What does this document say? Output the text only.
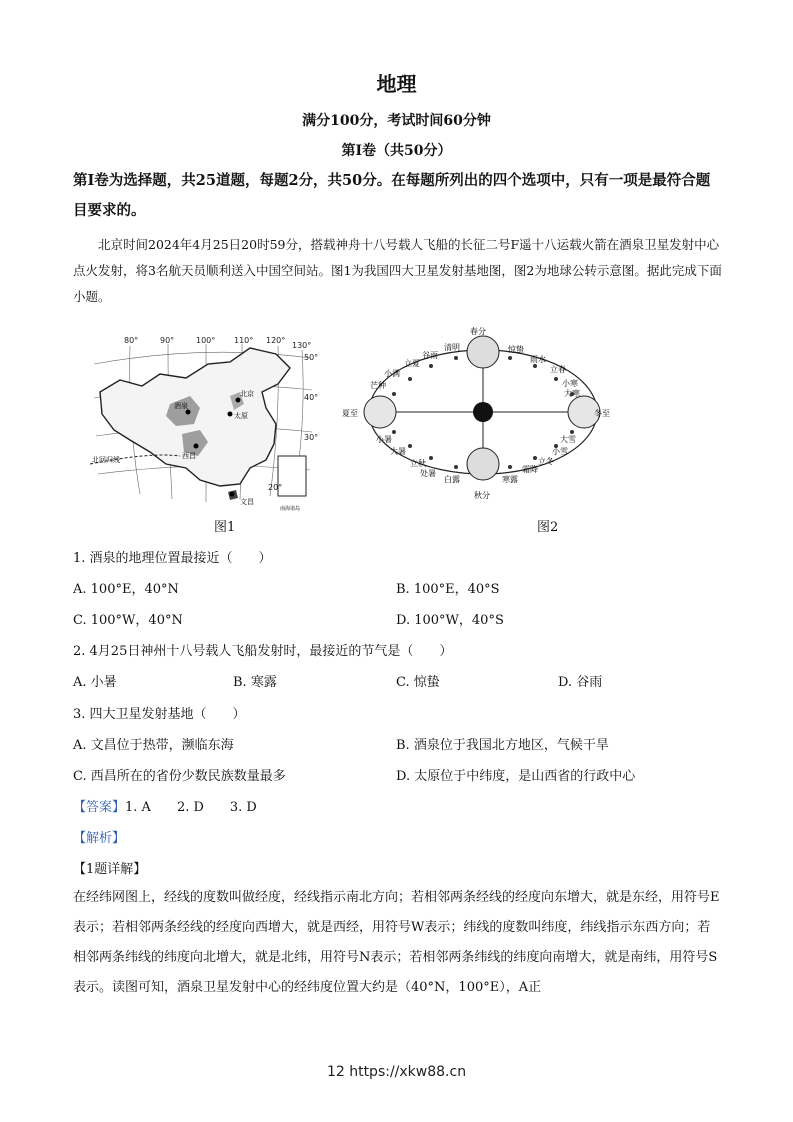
地理
满分100分，考试时间60分钟
第Ⅰ卷（共50分）
第Ⅰ卷为选择题，共25道题，每题2分，共50分。在每题所列出的四个选项中，只有一项是最符合题目要求的。
北京时间2024年4月25日20时59分，搭载神舟十八号载人飞船的长征二号F遥十八运载火箭在酒泉卫星发射中心点火发射，将3名航天员顺利送入中国空间站。图1为我国四大卫星发射基地图，图2为地球公转示意图。据此完成下面小题。
80°	90°	100° 110° 120°
130°
50°
40°
30°
20°
酒泉
北京
太原
西昌
文昌
北回归线
南海诸岛
图1
春分
清明	惊蛰
雨水
立春
谷雨
立夏
小满
芒种
夏至
小寒
冬至
小暑
大暑
立秋
处暑
白露
秋分
寒露
霜降
立冬
小雪
大雪
大寒
图2
1. 酒泉的地理位置最接近（　　）
A. 100°E，40°N	B. 100°E，40°S
C. 100°W，40°N	D. 100°W，40°S
2. 4月25日神州十八号载人飞船发射时，最接近的节气是（　　）
A. 小暑	B. 寒露	C. 惊蛰	D. 谷雨
3. 四大卫星发射基地（　　）
A. 文昌位于热带，濒临东海	B. 酒泉位于我国北方地区，气候干旱
C. 西昌所在的省份少数民族数量最多	D. 太原位于中纬度，是山西省的行政中心
【答案】1. A　　2. D　　3. D
【解析】
【1题详解】
在经纬网图上，经线的度数叫做经度，经线指示南北方向；若相邻两条经线的经度向东增大，就是东经，用符号E表示；若相邻两条经线的经度向西增大，就是西经，用符号W表示；纬线的度数叫纬度，纬线指示东西方向；若相邻两条纬线的纬度向北增大，就是北纬，用符号N表示；若相邻两条纬线的纬度向南增大，就是南纬，用符号S表示。读图可知，酒泉卫星发射中心的经纬度位置大约是（40°N，100°E），A正
12 https://xkw88.cn
